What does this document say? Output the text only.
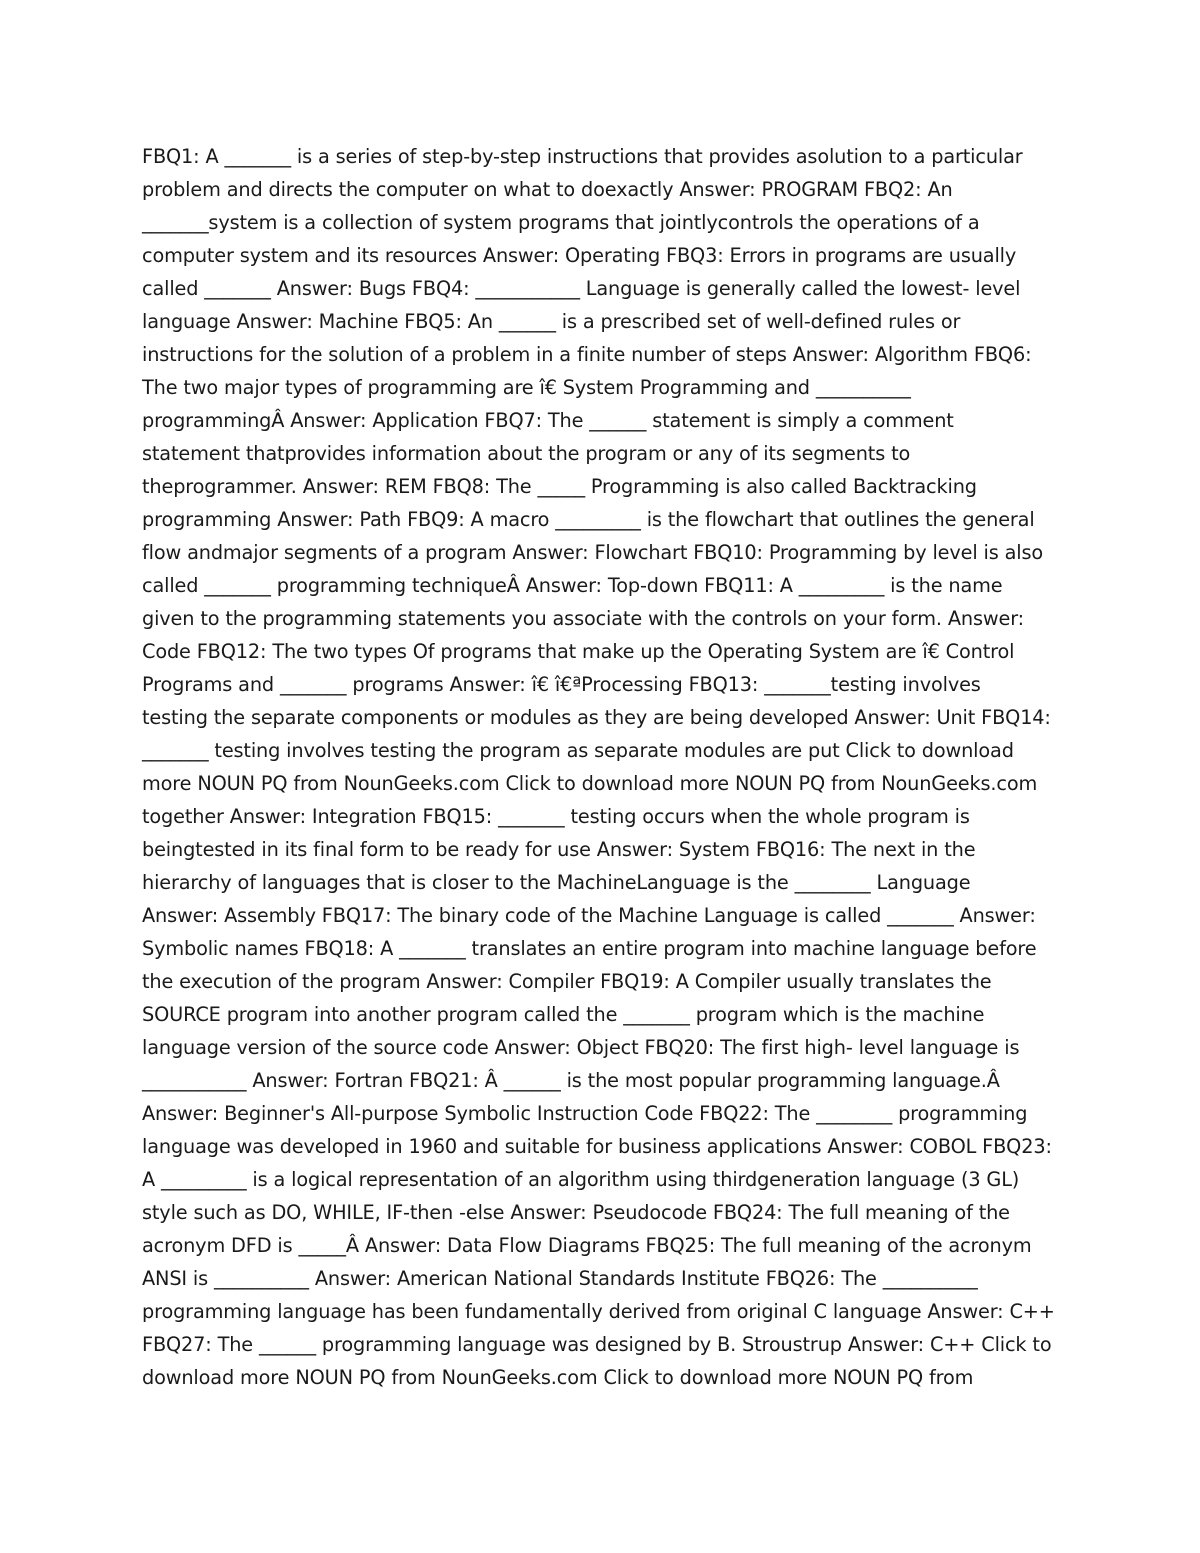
FBQ1: A _______ is a series of step-by-step instructions that provides asolution to a particular
problem and directs the computer on what to doexactly Answer: PROGRAM FBQ2: An
_______system is a collection of system programs that jointlycontrols the operations of a
computer system and its resources Answer: Operating FBQ3: Errors in programs are usually
called _______ Answer: Bugs FBQ4: ___________ Language is generally called the lowest- level
language Answer: Machine FBQ5: An ______ is a prescribed set of well-defined rules or
instructions for the solution of a problem in a finite number of steps Answer: Algorithm FBQ6:
The two major types of programming are î€ System Programming and __________
programmingÂ Answer: Application FBQ7: The ______ statement is simply a comment
statement thatprovides information about the program or any of its segments to
theprogrammer. Answer: REM FBQ8: The _____ Programming is also called Backtracking
programming Answer: Path FBQ9: A macro _________ is the flowchart that outlines the general
flow andmajor segments of a program Answer: Flowchart FBQ10: Programming by level is also
called _______ programming techniqueÂ Answer: Top-down FBQ11: A _________ is the name
given to the programming statements you associate with the controls on your form. Answer:
Code FBQ12: The two types Of programs that make up the Operating System are î€ Control
Programs and _______ programs Answer: î€ î€ªProcessing FBQ13: _______testing involves
testing the separate components or modules as they are being developed Answer: Unit FBQ14:
_______ testing involves testing the program as separate modules are put Click to download
more NOUN PQ from NounGeeks.com Click to download more NOUN PQ from NounGeeks.com
together Answer: Integration FBQ15: _______ testing occurs when the whole program is
beingtested in its final form to be ready for use Answer: System FBQ16: The next in the
hierarchy of languages that is closer to the MachineLanguage is the ________ Language
Answer: Assembly FBQ17: The binary code of the Machine Language is called _______ Answer:
Symbolic names FBQ18: A _______ translates an entire program into machine language before
the execution of the program Answer: Compiler FBQ19: A Compiler usually translates the
SOURCE program into another program called the _______ program which is the machine
language version of the source code Answer: Object FBQ20: The first high- level language is
___________ Answer: Fortran FBQ21: Â ______ is the most popular programming language.Â
Answer: Beginner's All-purpose Symbolic Instruction Code FBQ22: The ________ programming
language was developed in 1960 and suitable for business applications Answer: COBOL FBQ23:
A _________ is a logical representation of an algorithm using thirdgeneration language (3 GL)
style such as DO, WHILE, IF-then -else Answer: Pseudocode FBQ24: The full meaning of the
acronym DFD is _____Â Answer: Data Flow Diagrams FBQ25: The full meaning of the acronym
ANSI is __________ Answer: American National Standards Institute FBQ26: The __________
programming language has been fundamentally derived from original C language Answer: C++
FBQ27: The ______ programming language was designed by B. Stroustrup Answer: C++ Click to
download more NOUN PQ from NounGeeks.com Click to download more NOUN PQ from
